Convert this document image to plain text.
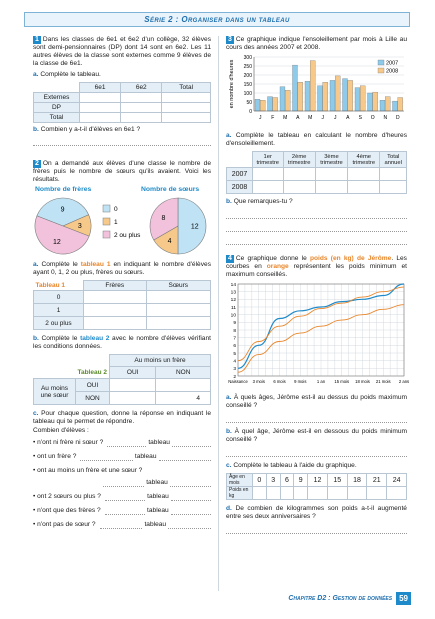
Série 2 : Organiser dans un tableau

1 Dans les classes de 6e1 et 6e2 d'un collège, 32 élèves sont demi-pensionnaires (DP) dont 14 sont en 6e2. Les 11 autres élèves de la classe sont externes comme 9 élèves de la classe de 6e1.

a. Complète le tableau.

	6e1	6e2	Total
Externes			
DP			
Total			

b. Combien y a-t-il d'élèves en 6e1 ?

2 On a demandé aux élèves d'une classe le nombre de frères puis le nombre de sœurs qu'ils avaient. Voici les résultats.

Nombre de frères	Nombre de sœurs
9
3
12
12
4
8
0
1
2 ou plus

a. Complète le tableau 1 en indiquant le nombre d'élèves ayant 0, 1, 2 ou plus, frères ou sœurs.

Tableau 1	Frères	Sœurs
0		
1		
2 ou plus		

b. Complète le tableau 2 avec le nombre d'élèves vérifiant les conditions données.

		Au moins un frère	
Tableau 2		OUI	NON
Au moins une sœur	OUI		
	NON		4

c. Pour chaque question, donne la réponse en indiquant le tableau qui te permet de répondre.

Combien d'élèves :

• n'ont ni frère ni sœur ?	tableau
• ont un frère ?	tableau
• ont au moins un frère et une sœur ?
tableau
• ont 2 sœurs ou plus ?	tableau
• n'ont que des frères ?	tableau
• n'ont pas de sœur ?	tableau

3 Ce graphique indique l'ensoleillement par mois à Lille au cours des années 2007 et 2008.

0
50
100
150
200
250
300
en nombre d'heures
J F M A M J J A S O N D
2007
2008

a. Complète le tableau en calculant le nombre d'heures d'ensoleillement.

	1er trimestre	2ème trimestre	3ème trimestre	4ème trimestre	Total annuel
2007					
2008					

b. Que remarques-tu ?

4 Ce graphique donne le poids (en kg) de Jérôme. Les courbes en orange représentent les poids minimum et maximum conseillés.

2
3
4
5
6
7
8
9
10
11
12
13
14
Naissance 3 mois 6 mois 9 mois	1 an 15 mois 18 mois 21 mois 2 ans

a. À quels âges, Jérôme est-il au dessus du poids maximum conseillé ?

b. À quel âge, Jérôme est-il en dessous du poids minimum conseillé ?

c. Complète le tableau à l'aide du graphique.

Âge en mois	0	3	6	9	12	15	18	21	24
Poids en kg									

d. De combien de kilogrammes son poids a-t-il augmenté entre ses deux anniversaires ?

Chapitre D2 : Gestion de données 59
